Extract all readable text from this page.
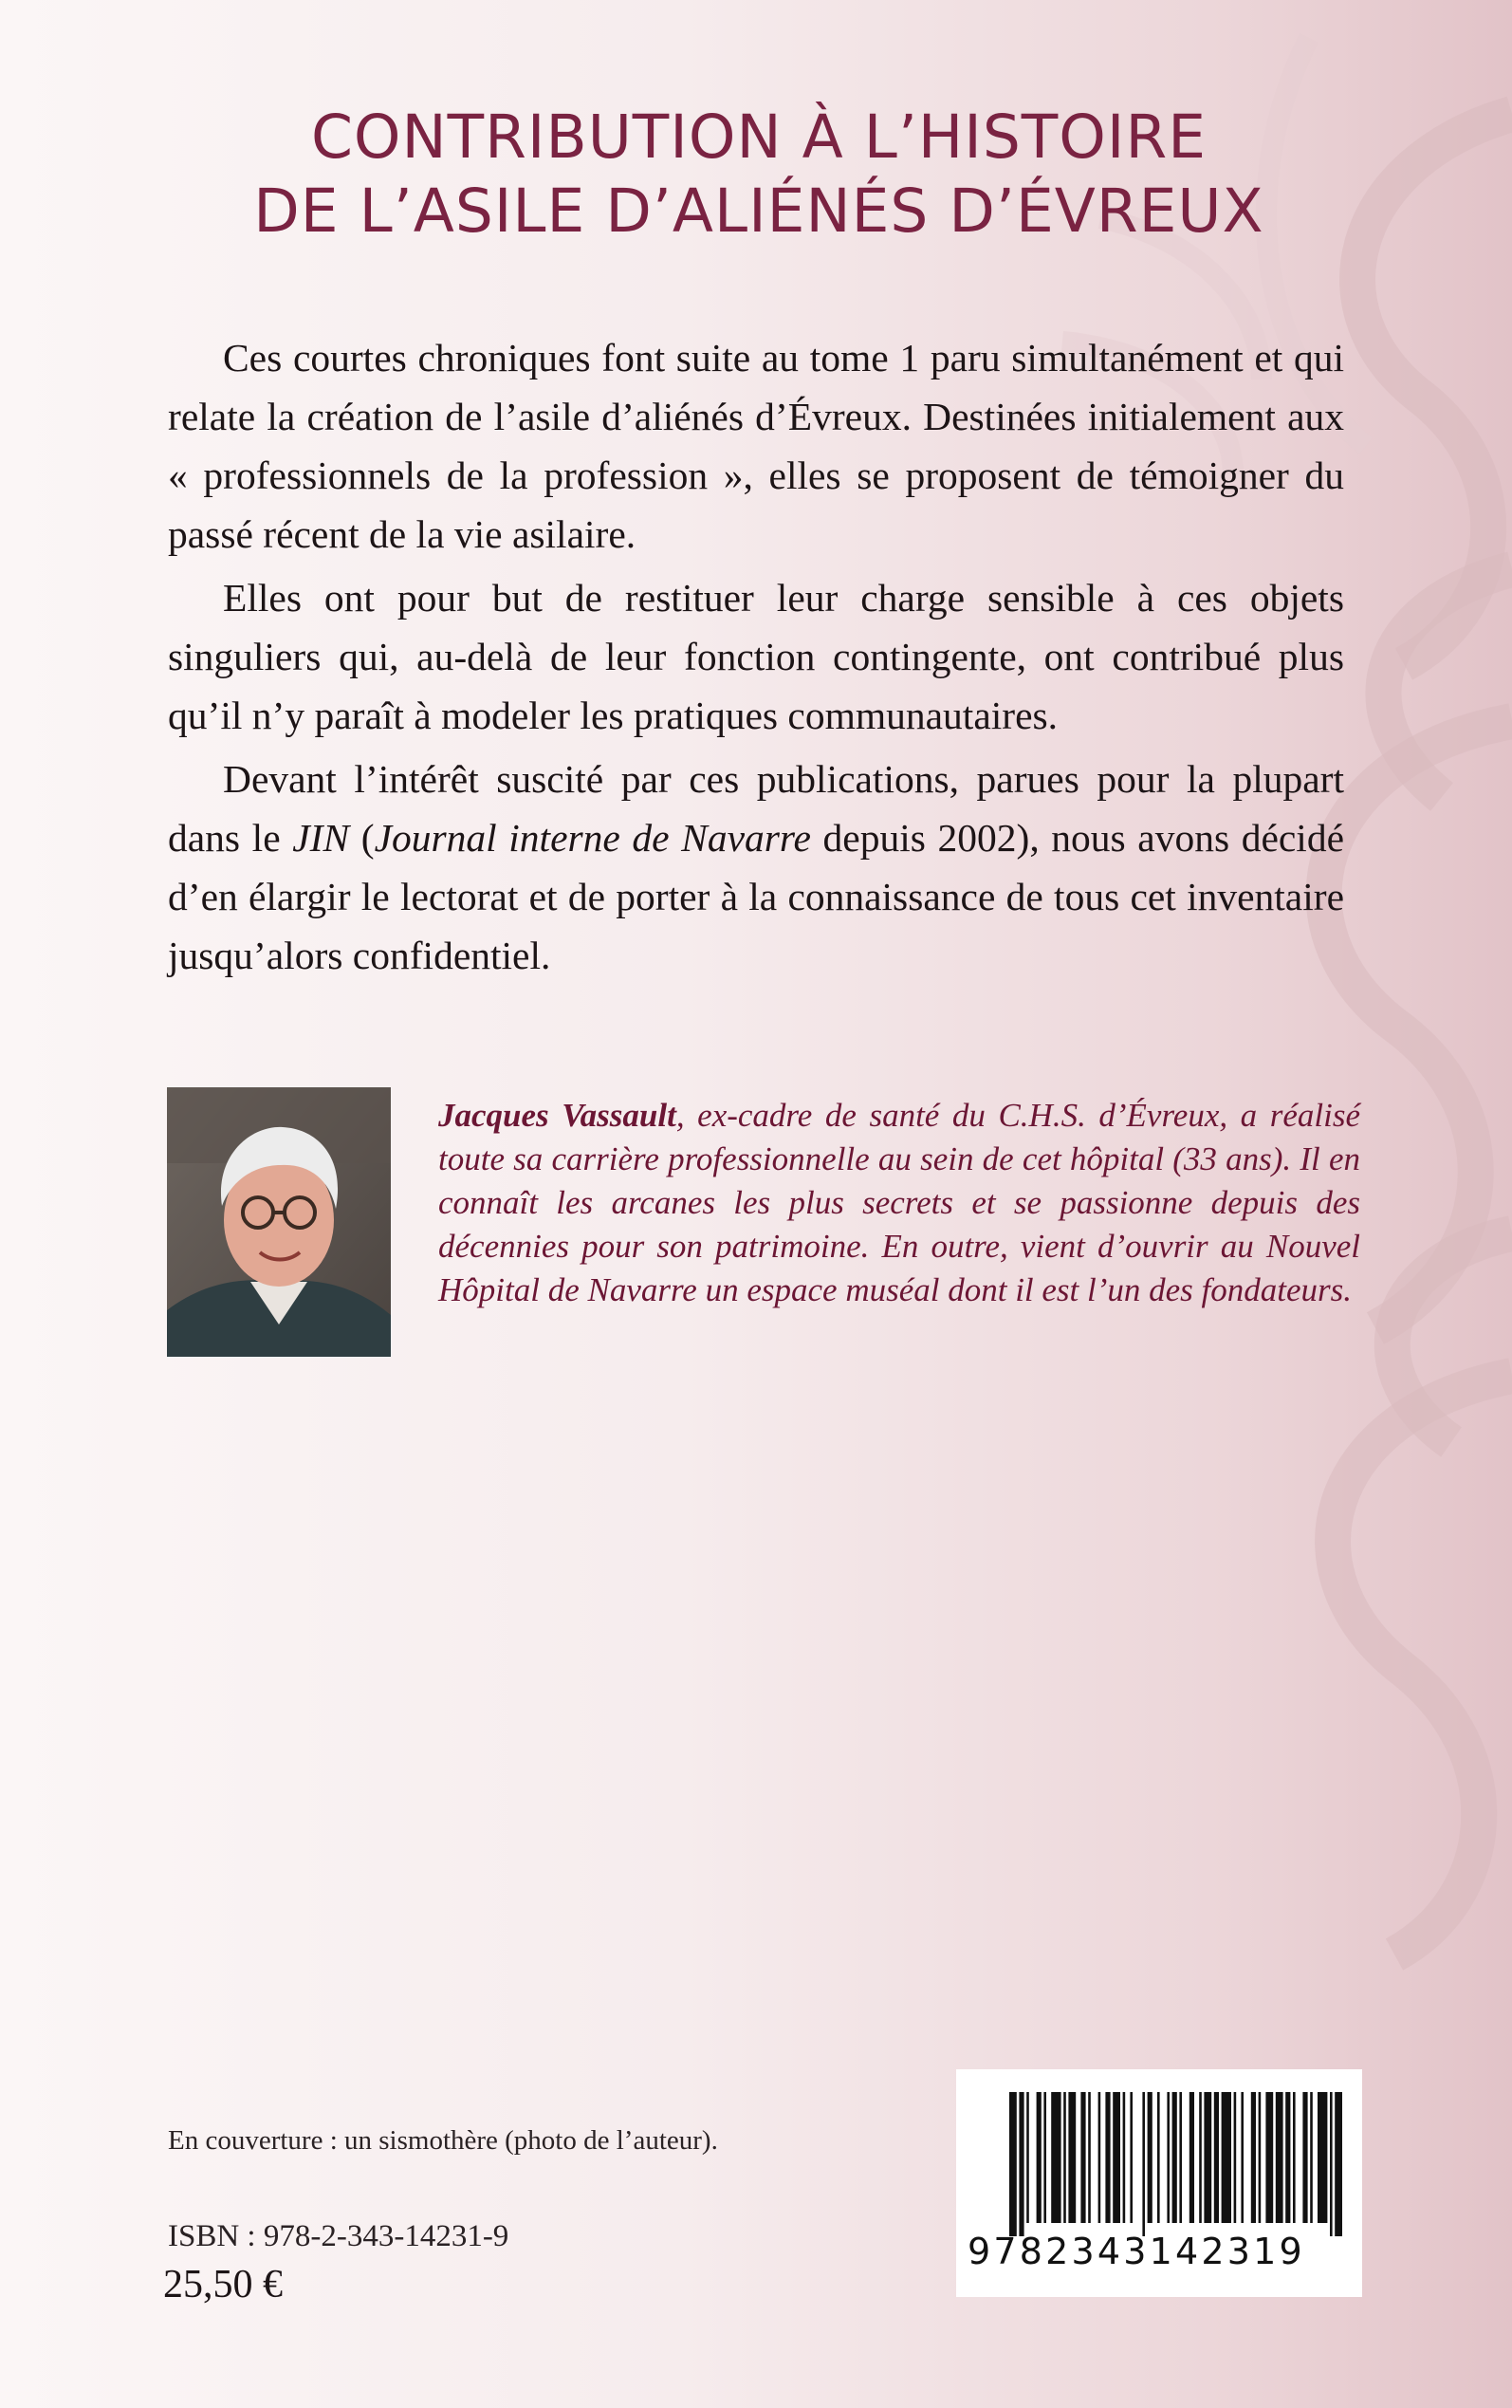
CONTRIBUTION À L’HISTOIRE
DE L’ASILE D’ALIÉNÉS D’ÉVREUX

Ces courtes chroniques font suite au tome 1 paru simultanément et qui relate la création de l’asile d’aliénés d’Évreux. Destinées initialement aux « professionnels de la profession », elles se proposent de témoigner du passé récent de la vie asilaire.

Elles ont pour but de restituer leur charge sensible à ces objets singuliers qui, au-delà de leur fonction contingente, ont contribué plus qu’il n’y paraît à modeler les pratiques communautaires.

Devant l’intérêt suscité par ces publications, parues pour la plupart dans le JIN (Journal interne de Navarre depuis 2002), nous avons décidé d’en élargir le lectorat et de porter à la connaissance de tous cet inventaire jusqu’alors confidentiel.

Jacques Vassault, ex-cadre de santé du C.H.S. d’Évreux, a réalisé toute sa carrière professionnelle au sein de cet hôpital (33 ans). Il en connaît les arcanes les plus secrets et se passionne depuis des décennies pour son patrimoine. En outre, vient d’ouvrir au Nouvel Hôpital de Navarre un espace muséal dont il est l’un des fondateurs.

En couverture : un sismothère (photo de l’auteur).

ISBN : 978-2-343-14231-9

25,50 €

9782343142319
